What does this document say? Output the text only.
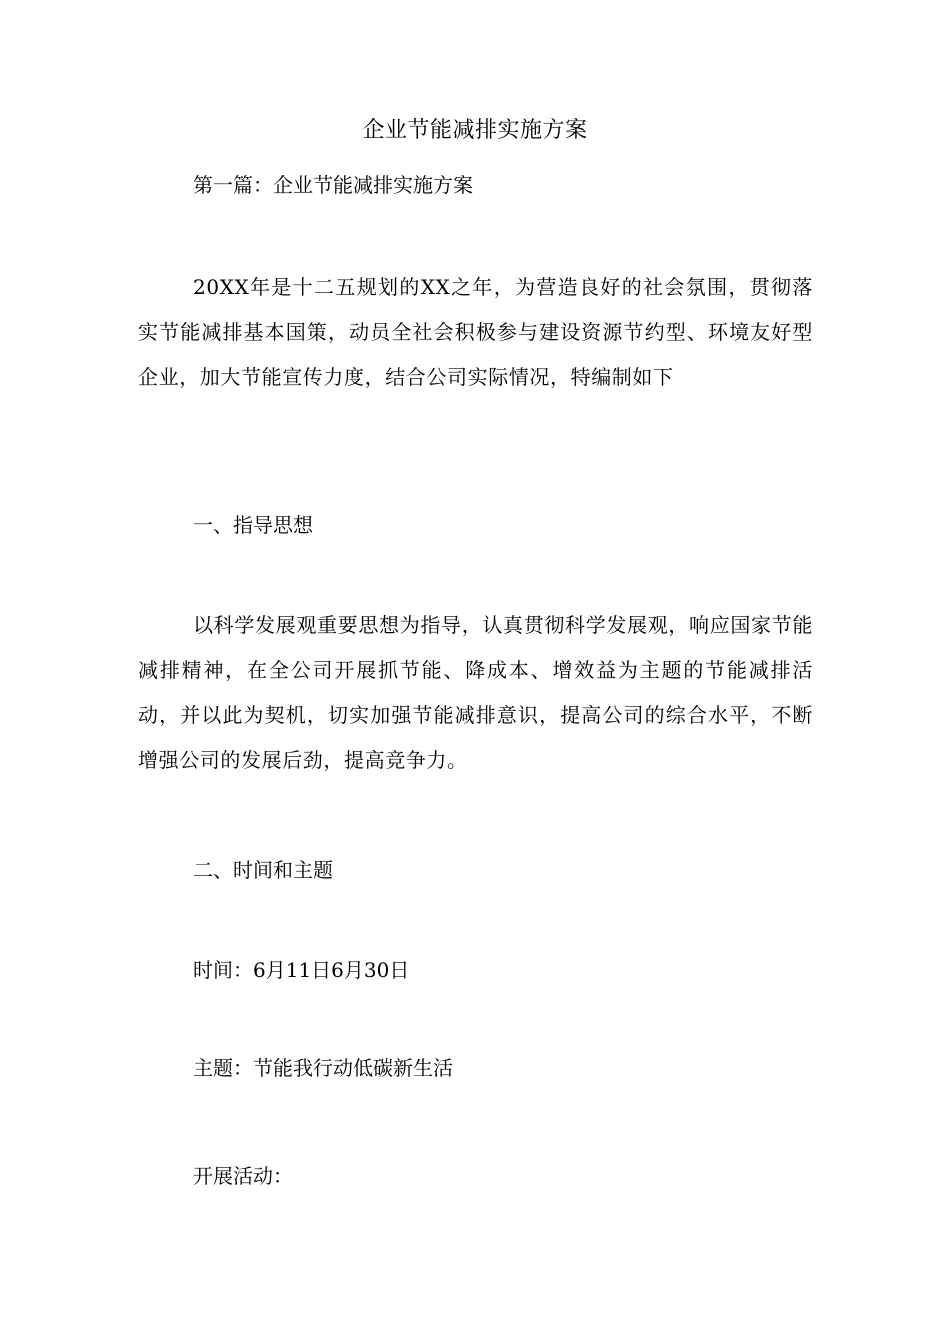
企业节能减排实施方案
第一篇：企业节能减排实施方案
20XX年是十二五规划的XX之年，为营造良好的社会氛围，贯彻落实节能减排基本国策，动员全社会积极参与建设资源节约型、环境友好型企业，加大节能宣传力度，结合公司实际情况，特编制如下
一、指导思想
以科学发展观重要思想为指导，认真贯彻科学发展观，响应国家节能减排精神，在全公司开展抓节能、降成本、增效益为主题的节能减排活动，并以此为契机，切实加强节能减排意识，提高公司的综合水平，不断增强公司的发展后劲，提高竞争力。
二、时间和主题
时间：6月11日6月30日
主题：节能我行动低碳新生活
开展活动：
